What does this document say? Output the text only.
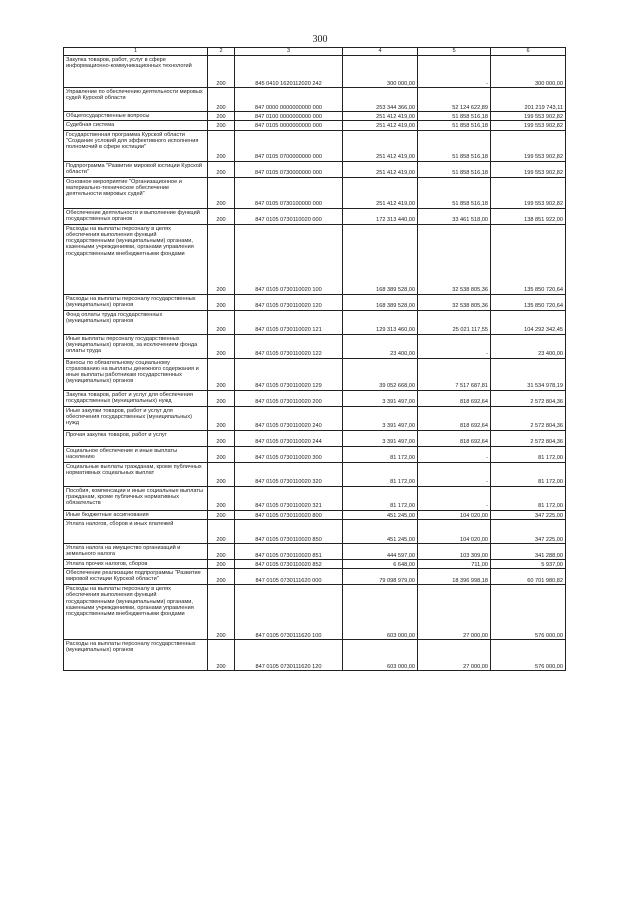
300
1	2	3	4	5	6
Закупка товаров, работ, услуг в сфере информационно-коммуникационных технологий	200	845 0410 1620112020 242	300 000,00	-	300 000,00
Управление по обеспечению деятельности мировых судей Курской области	200	847 0000 0000000000 000	253 344 366,00	52 124 622,89	201 219 743,11
Общегосударственные вопросы	200	847 0100 0000000000 000	251 412 419,00	51 858 516,18	199 553 902,82
Судебная система	200	847 0105 0000000000 000	251 412 419,00	51 858 516,18	199 553 902,82
Государственная программа Курской области "Создание условий для эффективного исполнения полномочий в сфере юстиции"	200	847 0105 0700000000 000	251 412 419,00	51 858 516,18	199 553 902,82
Подпрограмма "Развитие мировой юстиции Курской области"	200	847 0105 0730000000 000	251 412 419,00	51 858 516,18	199 553 902,82
Основное мероприятие "Организационное и материально-техническое обеспечение деятельности мировых судей"	200	847 0105 0730100000 000	251 412 419,00	51 858 516,18	199 553 902,82
Обеспечение деятельности и выполнение функций государственных органов	200	847 0105 0730110020 000	172 313 440,00	33 461 518,00	138 851 922,00
Расходы на выплаты персоналу в целях обеспечения выполнения функций государственными (муниципальными) органами, казенными учреждениями, органами управления государственными внебюджетными фондами	200	847 0105 0730110020 100	168 389 528,00	32 538 805,36	135 850 720,64
Расходы на выплаты персоналу государственных (муниципальных) органов	200	847 0105 0730110020 120	168 389 528,00	32 538 805,36	135 850 720,64
Фонд оплаты труда государственных (муниципальных) органов	200	847 0105 0730110020 121	129 313 460,00	25 021 117,55	104 292 342,45
Иные выплаты персоналу государственных (муниципальных) органов, за исключением фонда оплаты труда	200	847 0105 0730110020 122	23 400,00	-	23 400,00
Взносы по обязательному социальному страхованию на выплаты денежного содержания и иные выплаты работникам государственных (муниципальных) органов	200	847 0105 0730110020 129	39 052 668,00	7 517 687,81	31 534 978,19
Закупка товаров, работ и услуг для обеспечения государственных (муниципальных) нужд	200	847 0105 0730110020 200	3 391 497,00	818 692,64	2 572 804,36
Иные закупки товаров, работ и услуг для обеспечения государственных (муниципальных) нужд	200	847 0105 0730110020 240	3 391 497,00	818 692,64	2 572 804,36
Прочая закупка товаров, работ и услуг	200	847 0105 0730110020 244	3 391 497,00	818 692,64	2 572 804,36
Социальное обеспечение и иные выплаты населению	200	847 0105 0730110020 300	81 172,00	-	81 172,00
Социальные выплаты гражданам, кроме публичных нормативных социальных выплат	200	847 0105 0730110020 320	81 172,00	-	81 172,00
Пособия, компенсации и иные социальные выплаты гражданам, кроме публичных нормативных обязательств	200	847 0105 0730110020 321	81 172,00	-	81 172,00
Иные бюджетные ассигнования	200	847 0105 0730110020 800	451 245,00	104 020,00	347 225,00
Уплата налогов, сборов и иных платежей	200	847 0105 0730110020 850	451 245,00	104 020,00	347 225,00
Уплата налога на имущество организаций и земельного налога	200	847 0105 0730110020 851	444 597,00	103 309,00	341 288,00
Уплата прочих налогов, сборов	200	847 0105 0730110020 852	6 648,00	711,00	5 937,00
Обеспечение реализации подпрограммы "Развитие мировой юстиции Курской области"	200	847 0105 0730111620 000	79 098 979,00	18 396 998,18	60 701 980,82
Расходы на выплаты персоналу в целях обеспечения выполнения функций государственными (муниципальными) органами, казенными учреждениями, органами управления государственными внебюджетными фондами	200	847 0105 0730111620 100	603 000,00	27 000,00	576 000,00
Расходы на выплаты персоналу государственных (муниципальных) органов	200	847 0105 0730111620 120	603 000,00	27 000,00	576 000,00
